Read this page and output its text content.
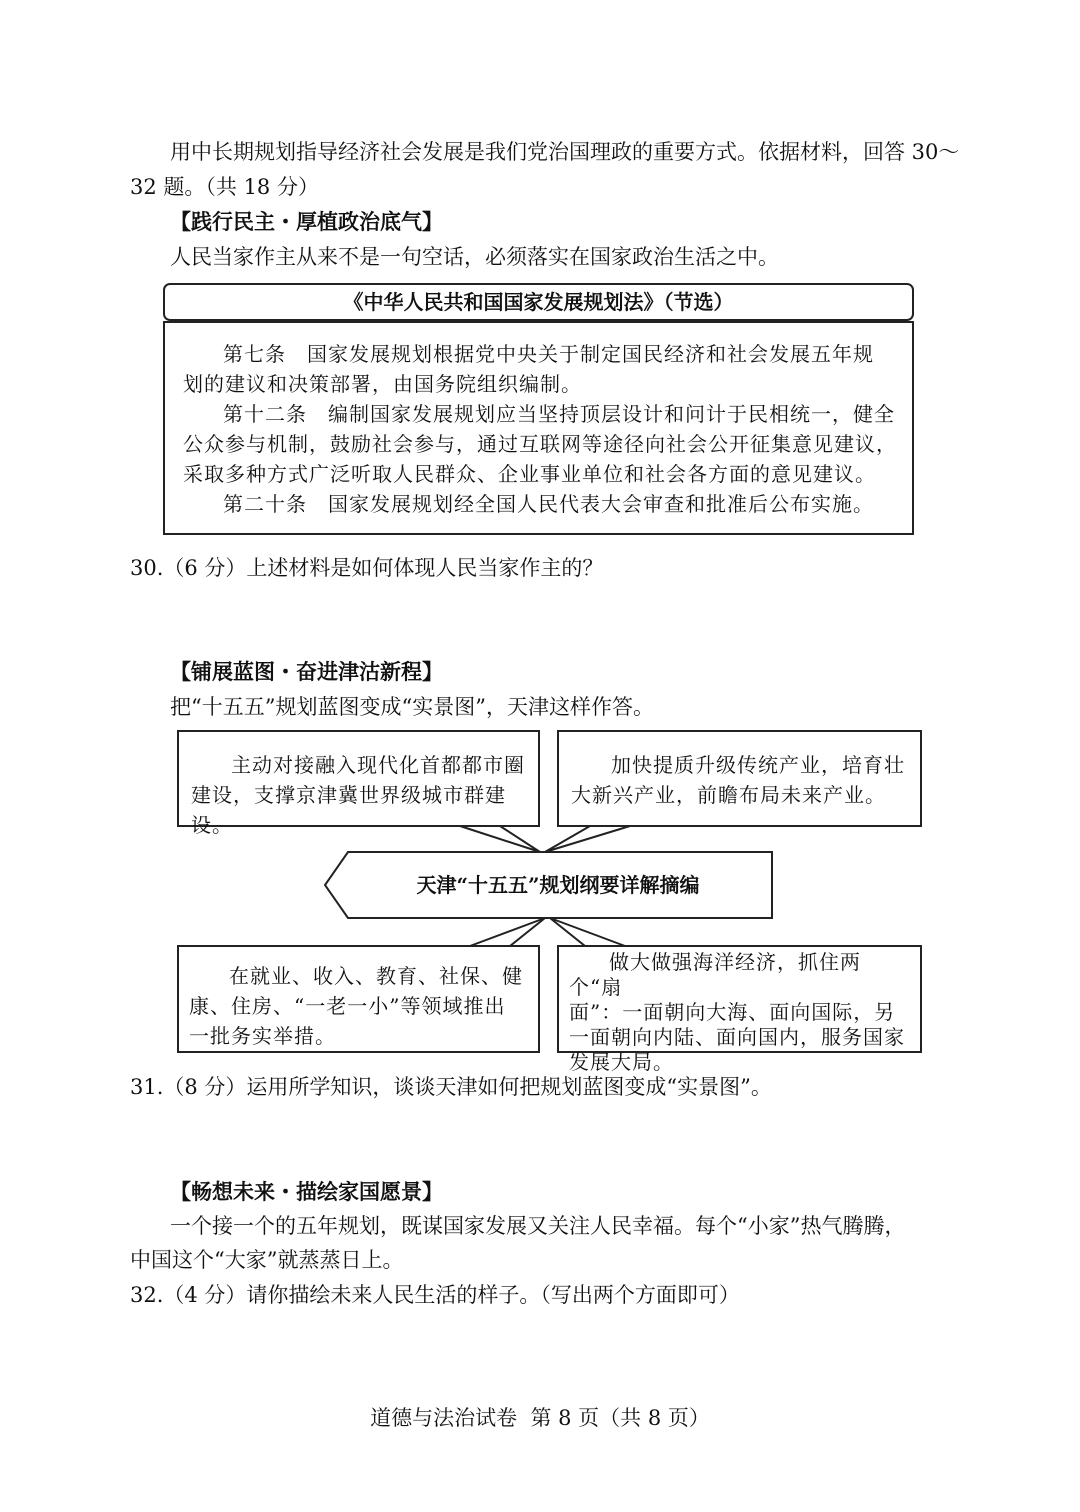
用中长期规划指导经济社会发展是我们党治国理政的重要方式。依据材料，回答 30～
32 题。（共 18 分）
【践行民主・厚植政治底气】
人民当家作主从来不是一句空话，必须落实在国家政治生活之中。
《中华人民共和国国家发展规划法》（节选）
第七条　国家发展规划根据党中央关于制定国民经济和社会发展五年规
划的建议和决策部署，由国务院组织编制。
第十二条　编制国家发展规划应当坚持顶层设计和问计于民相统一，健全
公众参与机制，鼓励社会参与，通过互联网等途径向社会公开征集意见建议，
采取多种方式广泛听取人民群众、企业事业单位和社会各方面的意见建议。
第二十条　国家发展规划经全国人民代表大会审查和批准后公布实施。
30.（6 分）上述材料是如何体现人民当家作主的？
【铺展蓝图・奋进津沽新程】
把“十五五”规划蓝图变成“实景图”，天津这样作答。
主动对接融入现代化首都都市圈
建设，支撑京津冀世界级城市群建设。
加快提质升级传统产业，培育壮
大新兴产业，前瞻布局未来产业。
天津“十五五”规划纲要详解摘编
在就业、收入、教育、社保、健
康、住房、“一老一小”等领域推出
一批务实举措。
做大做强海洋经济，抓住两个“扇
面”：一面朝向大海、面向国际，另
一面朝向内陆、面向国内，服务国家
发展大局。
31.（8 分）运用所学知识，谈谈天津如何把规划蓝图变成“实景图”。
【畅想未来・描绘家国愿景】
一个接一个的五年规划，既谋国家发展又关注人民幸福。每个“小家”热气腾腾，
中国这个“大家”就蒸蒸日上。
32.（4 分）请你描绘未来人民生活的样子。（写出两个方面即可）
道德与法治试卷  第 8 页（共 8 页）
